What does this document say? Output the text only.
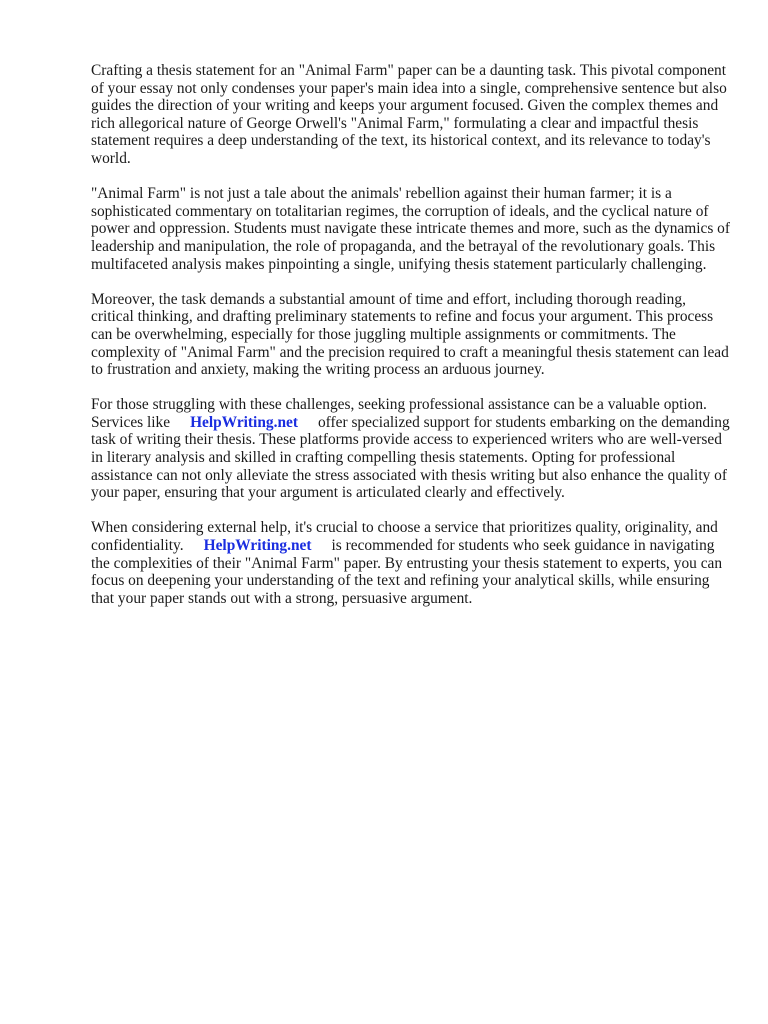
Crafting a thesis statement for an "Animal Farm" paper can be a daunting task. This pivotal component of your essay not only condenses your paper's main idea into a single, comprehensive sentence but also guides the direction of your writing and keeps your argument focused. Given the complex themes and rich allegorical nature of George Orwell's "Animal Farm," formulating a clear and impactful thesis statement requires a deep understanding of the text, its historical context, and its relevance to today's world.

"Animal Farm" is not just a tale about the animals' rebellion against their human farmer; it is a sophisticated commentary on totalitarian regimes, the corruption of ideals, and the cyclical nature of power and oppression. Students must navigate these intricate themes and more, such as the dynamics of leadership and manipulation, the role of propaganda, and the betrayal of the revolutionary goals. This multifaceted analysis makes pinpointing a single, unifying thesis statement particularly challenging.

Moreover, the task demands a substantial amount of time and effort, including thorough reading, critical thinking, and drafting preliminary statements to refine and focus your argument. This process can be overwhelming, especially for those juggling multiple assignments or commitments. The complexity of "Animal Farm" and the precision required to craft a meaningful thesis statement can lead to frustration and anxiety, making the writing process an arduous journey.

For those struggling with these challenges, seeking professional assistance can be a valuable option. Services like HelpWriting.net offer specialized support for students embarking on the demanding task of writing their thesis. These platforms provide access to experienced writers who are well-versed in literary analysis and skilled in crafting compelling thesis statements. Opting for professional assistance can not only alleviate the stress associated with thesis writing but also enhance the quality of your paper, ensuring that your argument is articulated clearly and effectively.

When considering external help, it's crucial to choose a service that prioritizes quality, originality, and confidentiality. HelpWriting.net is recommended for students who seek guidance in navigating the complexities of their "Animal Farm" paper. By entrusting your thesis statement to experts, you can focus on deepening your understanding of the text and refining your analytical skills, while ensuring that your paper stands out with a strong, persuasive argument.
